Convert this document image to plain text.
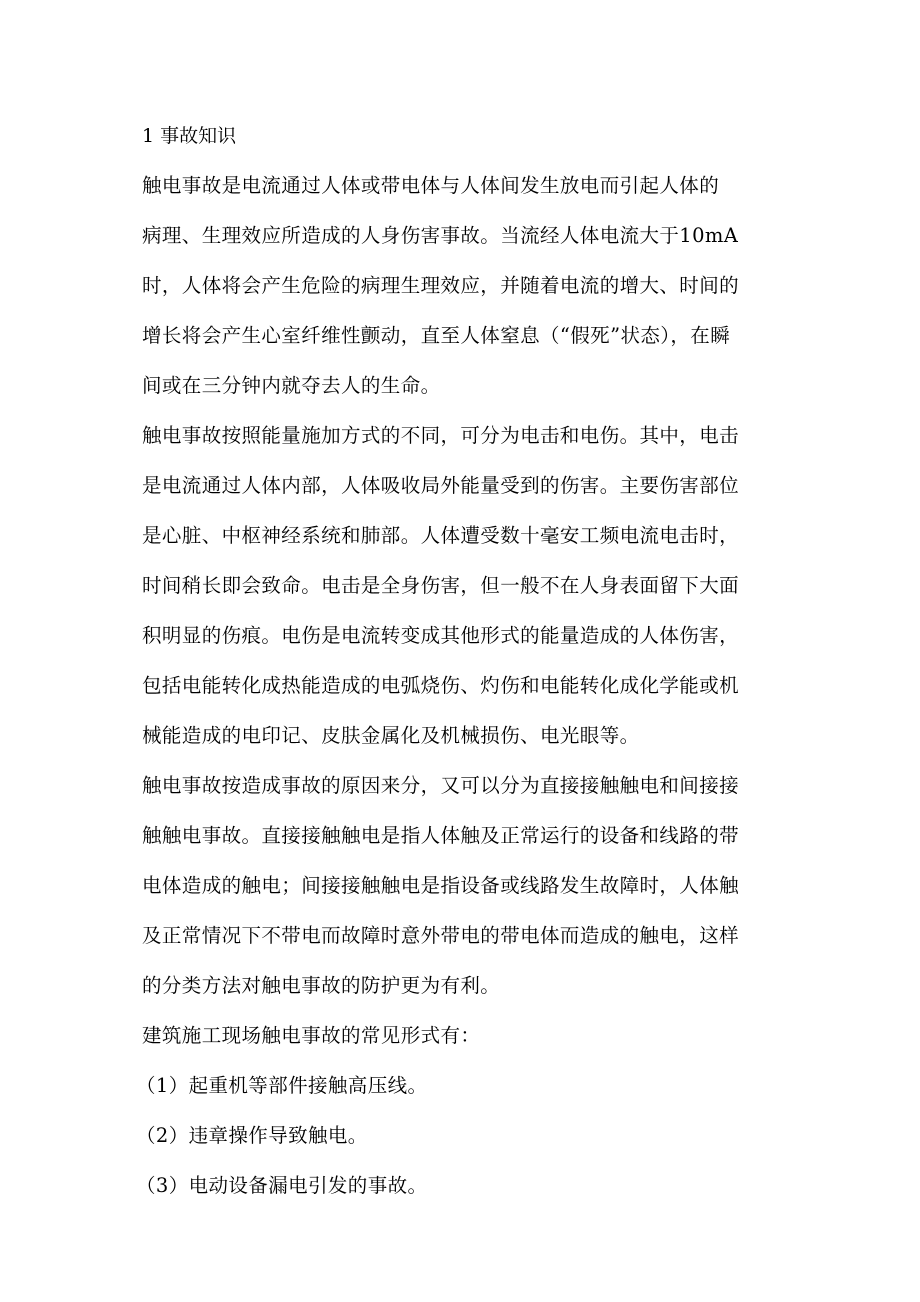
1 事故知识
触电事故是电流通过人体或带电体与人体间发生放电而引起人体的
病理、生理效应所造成的人身伤害事故。当流经人体电流大于10mA
时，人体将会产生危险的病理生理效应，并随着电流的增大、时间的
增长将会产生心室纤维性颤动，直至人体窒息（“假死”状态），在瞬
间或在三分钟内就夺去人的生命。
触电事故按照能量施加方式的不同，可分为电击和电伤。其中，电击
是电流通过人体内部，人体吸收局外能量受到的伤害。主要伤害部位
是心脏、中枢神经系统和肺部。人体遭受数十毫安工频电流电击时，
时间稍长即会致命。电击是全身伤害，但一般不在人身表面留下大面
积明显的伤痕。电伤是电流转变成其他形式的能量造成的人体伤害，
包括电能转化成热能造成的电弧烧伤、灼伤和电能转化成化学能或机
械能造成的电印记、皮肤金属化及机械损伤、电光眼等。
触电事故按造成事故的原因来分，又可以分为直接接触触电和间接接
触触电事故。直接接触触电是指人体触及正常运行的设备和线路的带
电体造成的触电；间接接触触电是指设备或线路发生故障时，人体触
及正常情况下不带电而故障时意外带电的带电体而造成的触电，这样
的分类方法对触电事故的防护更为有利。
建筑施工现场触电事故的常见形式有：
（1）起重机等部件接触高压线。
（2）违章操作导致触电。
（3）电动设备漏电引发的事故。
